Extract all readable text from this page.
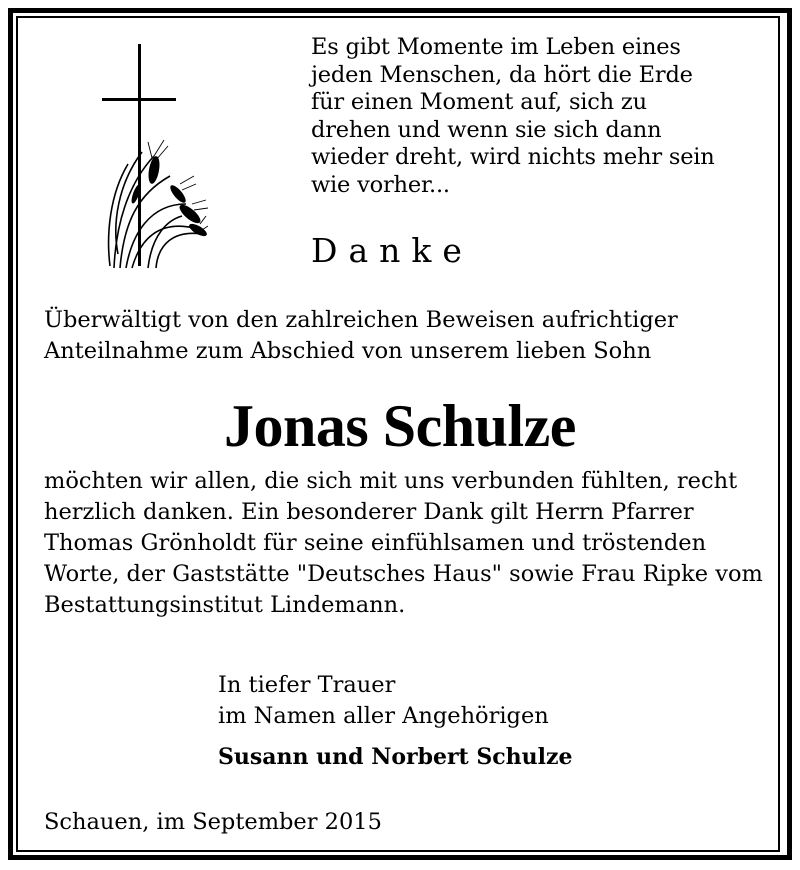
Es gibt Momente im Leben eines
jeden Menschen, da hört die Erde
für einen Moment auf, sich zu
drehen und wenn sie sich dann
wieder dreht, wird nichts mehr sein
wie vorher...
Danke
Überwältigt von den zahlreichen Beweisen aufrichtiger
Anteilnahme zum Abschied von unserem lieben Sohn
Jonas Schulze
möchten wir allen, die sich mit uns verbunden fühlten, recht
herzlich danken. Ein besonderer Dank gilt Herrn Pfarrer
Thomas Grönholdt für seine einfühlsamen und tröstenden
Worte, der Gaststätte "Deutsches Haus" sowie Frau Ripke vom
Bestattungsinstitut Lindemann.
In tiefer Trauer
im Namen aller Angehörigen
Susann und Norbert Schulze
Schauen, im September 2015
